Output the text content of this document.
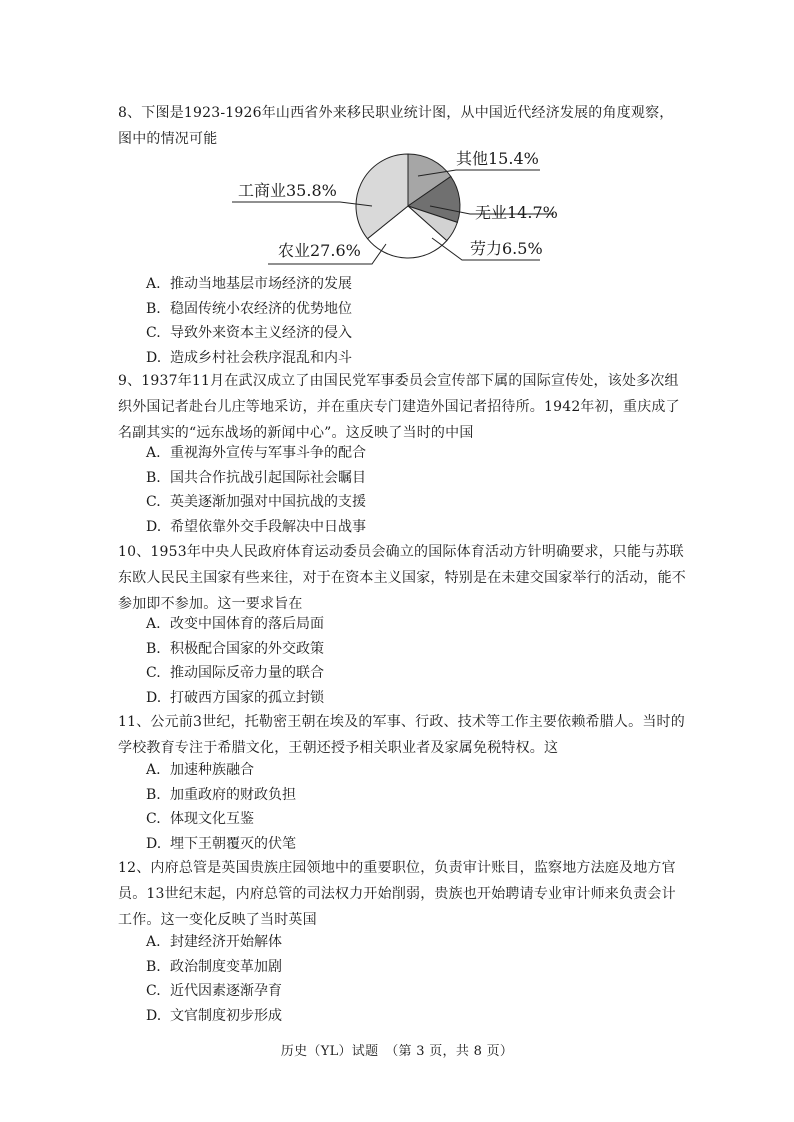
8、下图是1923-1926年山西省外来移民职业统计图，从中国近代经济发展的角度观察，图中的情况可能

其他15.4%
无业14.7%
劳力6.5%
农业27.6%
工商业35.8%
A. 推动当地基层市场经济的发展
B. 稳固传统小农经济的优势地位
C. 导致外来资本主义经济的侵入
D. 造成乡村社会秩序混乱和内斗

9、1937年11月在武汉成立了由国民党军事委员会宣传部下属的国际宣传处，该处多次组织外国记者赴台儿庄等地采访，并在重庆专门建造外国记者招待所。1942年初，重庆成了名副其实的“远东战场的新闻中心”。这反映了当时的中国

A. 重视海外宣传与军事斗争的配合
B. 国共合作抗战引起国际社会瞩目
C. 英美逐渐加强对中国抗战的支援
D. 希望依靠外交手段解决中日战事

10、1953年中央人民政府体育运动委员会确立的国际体育活动方针明确要求，只能与苏联东欧人民民主国家有些来往，对于在资本主义国家，特别是在未建交国家举行的活动，能不参加即不参加。这一要求旨在

A. 改变中国体育的落后局面
B. 积极配合国家的外交政策
C. 推动国际反帝力量的联合
D. 打破西方国家的孤立封锁

11、公元前3世纪，托勒密王朝在埃及的军事、行政、技术等工作主要依赖希腊人。当时的学校教育专注于希腊文化，王朝还授予相关职业者及家属免税特权。这

A. 加速种族融合
B. 加重政府的财政负担
C. 体现文化互鉴
D. 埋下王朝覆灭的伏笔

12、内府总管是英国贵族庄园领地中的重要职位，负责审计账目，监察地方法庭及地方官员。13世纪末起，内府总管的司法权力开始削弱，贵族也开始聘请专业审计师来负责会计工作。这一变化反映了当时英国

A. 封建经济开始解体
B. 政治制度变革加剧
C. 近代因素逐渐孕育
D. 文官制度初步形成
历史（YL）试题　（第 3 页，共 8 页）
